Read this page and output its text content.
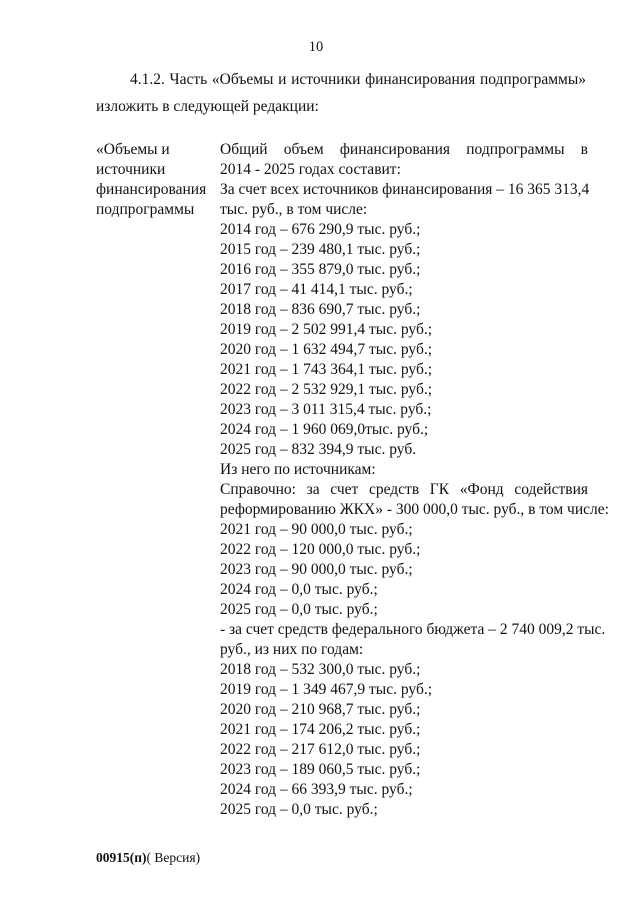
10
4.1.2. Часть «Объемы и источники финансирования подпрограммы»
изложить в следующей редакции:
«Объемы и
источники
финансирования
подпрограммы
Общий объем финансирования подпрограммы в
2014 - 2025 годах составит:
За счет всех источников финансирования – 16 365 313,4
тыс. руб., в том числе:
2014 год – 676 290,9 тыс. руб.;
2015 год – 239 480,1 тыс. руб.;
2016 год – 355 879,0 тыс. руб.;
2017 год – 41 414,1 тыс. руб.;
2018 год – 836 690,7 тыс. руб.;
2019 год – 2 502 991,4 тыс. руб.;
2020 год – 1 632 494,7 тыс. руб.;
2021 год – 1 743 364,1 тыс. руб.;
2022 год – 2 532 929,1 тыс. руб.;
2023 год – 3 011 315,4 тыс. руб.;
2024 год – 1 960 069,0тыс. руб.;
2025 год – 832 394,9 тыс. руб.
Из него по источникам:
Справочно: за счет средств ГК «Фонд содействия
реформированию ЖКХ» - 300 000,0 тыс. руб., в том числе:
2021 год – 90 000,0 тыс. руб.;
2022 год – 120 000,0 тыс. руб.;
2023 год – 90 000,0 тыс. руб.;
2024 год – 0,0 тыс. руб.;
2025 год – 0,0 тыс. руб.;
- за счет средств федерального бюджета – 2 740 009,2 тыс.
руб., из них по годам:
2018 год – 532 300,0 тыс. руб.;
2019 год – 1 349 467,9 тыс. руб.;
2020 год – 210 968,7 тыс. руб.;
2021 год – 174 206,2 тыс. руб.;
2022 год – 217 612,0 тыс. руб.;
2023 год – 189 060,5 тыс. руб.;
2024 год – 66 393,9 тыс. руб.;
2025 год – 0,0 тыс. руб.;
00915(п)( Версия)
